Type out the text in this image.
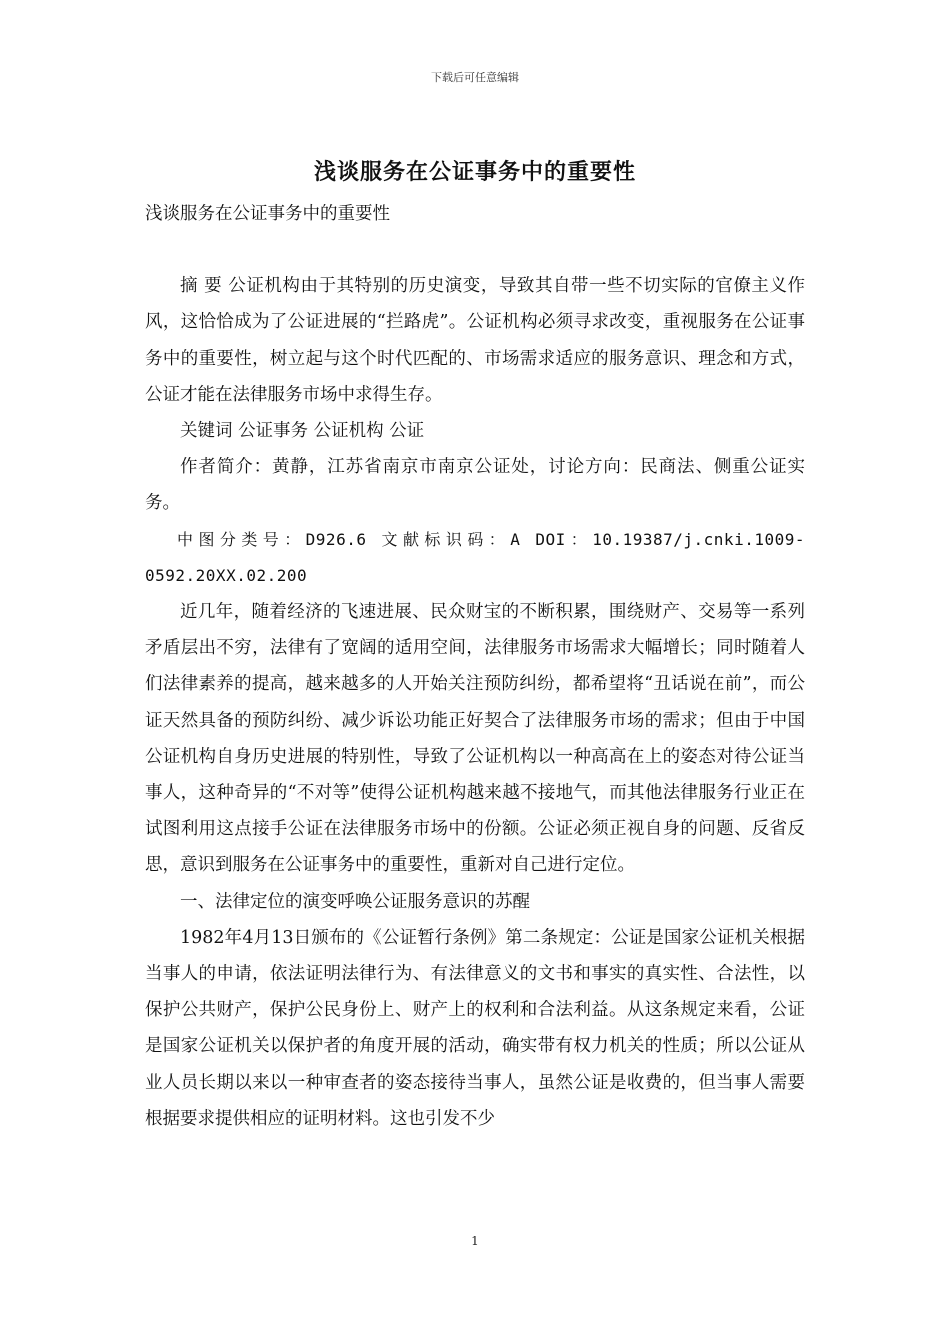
下载后可任意编辑
浅谈服务在公证事务中的重要性

浅谈服务在公证事务中的重要性

摘 要 公证机构由于其特别的历史演变，导致其自带一些不切实际的官僚主义作风，这恰恰成为了公证进展的“拦路虎”。公证机构必须寻求改变，重视服务在公证事务中的重要性，树立起与这个时代匹配的、市场需求适应的服务意识、理念和方式，公证才能在法律服务市场中求得生存。

关键词 公证事务 公证机构 公证

作者简介：黄静，江苏省南京市南京公证处，讨论方向：民商法、侧重公证实务。

中图分类号：D926.6 文献标识码：A DOI：10.19387/j.cnki.1009-0592.20XX.02.200

近几年，随着经济的飞速进展、民众财宝的不断积累，围绕财产、交易等一系列矛盾层出不穷，法律有了宽阔的适用空间，法律服务市场需求大幅增长；同时随着人们法律素养的提高，越来越多的人开始关注预防纠纷，都希望将“丑话说在前”，而公证天然具备的预防纠纷、减少诉讼功能正好契合了法律服务市场的需求；但由于中国公证机构自身历史进展的特别性，导致了公证机构以一种高高在上的姿态对待公证当事人，这种奇异的“不对等”使得公证机构越来越不接地气，而其他法律服务行业正在试图利用这点接手公证在法律服务市场中的份额。公证必须正视自身的问题、反省反思，意识到服务在公证事务中的重要性，重新对自己进行定位。

一、法律定位的演变呼唤公证服务意识的苏醒

1982年4月13日颁布的《公证暂行条例》第二条规定：公证是国家公证机关根据当事人的申请，依法证明法律行为、有法律意义的文书和事实的真实性、合法性，以保护公共财产，保护公民身份上、财产上的权利和合法利益。从这条规定来看，公证是国家公证机关以保护者的角度开展的活动，确实带有权力机关的性质；所以公证从业人员长期以来以一种审查者的姿态接待当事人，虽然公证是收费的，但当事人需要根据要求提供相应的证明材料。这也引发不少

1
